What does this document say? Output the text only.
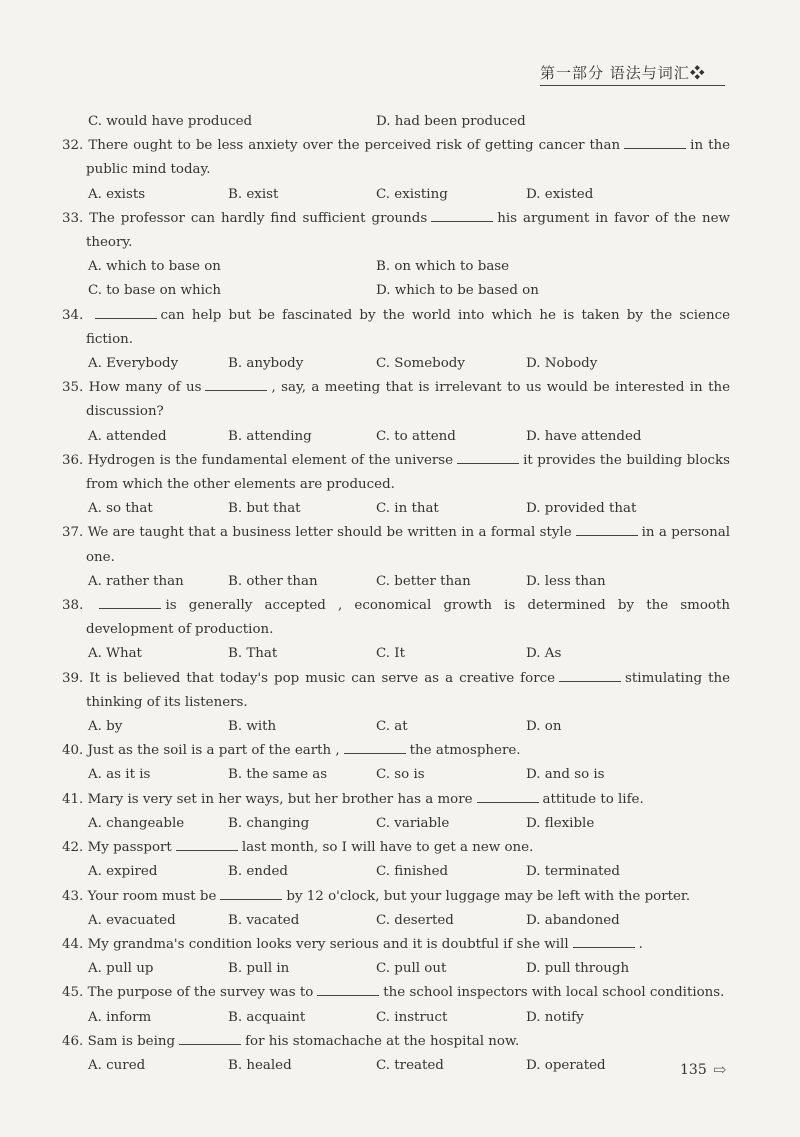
第一部分 语法与词汇❖
C. would have produced	D. had been produced
32. There ought to be less anxiety over the perceived risk of getting cancer than	in the public mind today.
A. exists	B. exist	C. existing	D. existed
33. The professor can hardly find sufficient grounds	his argument in favor of the new theory.
A. which to base on	B. on which to base
C. to base on which	D. which to be based on
34.	can help but be fascinated by the world into which he is taken by the science fiction.
A. Everybody	B. anybody	C. Somebody	D. Nobody
35. How many of us	, say, a meeting that is irrelevant to us would be interested in the discussion?
A. attended	B. attending	C. to attend	D. have attended
36. Hydrogen is the fundamental element of the universe	it provides the building blocks from which the other elements are produced.
A. so that	B. but that	C. in that	D. provided that
37. We are taught that a business letter should be written in a formal style	in a personal one.
A. rather than	B. other than	C. better than	D. less than
38.	is generally accepted , economical growth is determined by the smooth development of production.
A. What	B. That	C. It	D. As
39. It is believed that today's pop music can serve as a creative force	stimulating the thinking of its listeners.
A. by	B. with	C. at	D. on
40. Just as the soil is a part of the earth ,	the atmosphere.
A. as it is	B. the same as	C. so is	D. and so is
41. Mary is very set in her ways, but her brother has a more	attitude to life.
A. changeable	B. changing	C. variable	D. flexible
42. My passport	last month, so I will have to get a new one.
A. expired	B. ended	C. finished	D. terminated
43. Your room must be	by 12 o'clock, but your luggage may be left with the porter.
A. evacuated	B. vacated	C. deserted	D. abandoned
44. My grandma's condition looks very serious and it is doubtful if she will	.
A. pull up	B. pull in	C. pull out	D. pull through
45. The purpose of the survey was to	the school inspectors with local school conditions.
A. inform	B. acquaint	C. instruct	D. notify
46. Sam is being	for his stomachache at the hospital now.
A. cured	B. healed	C. treated	D. operated	135 ⇨
